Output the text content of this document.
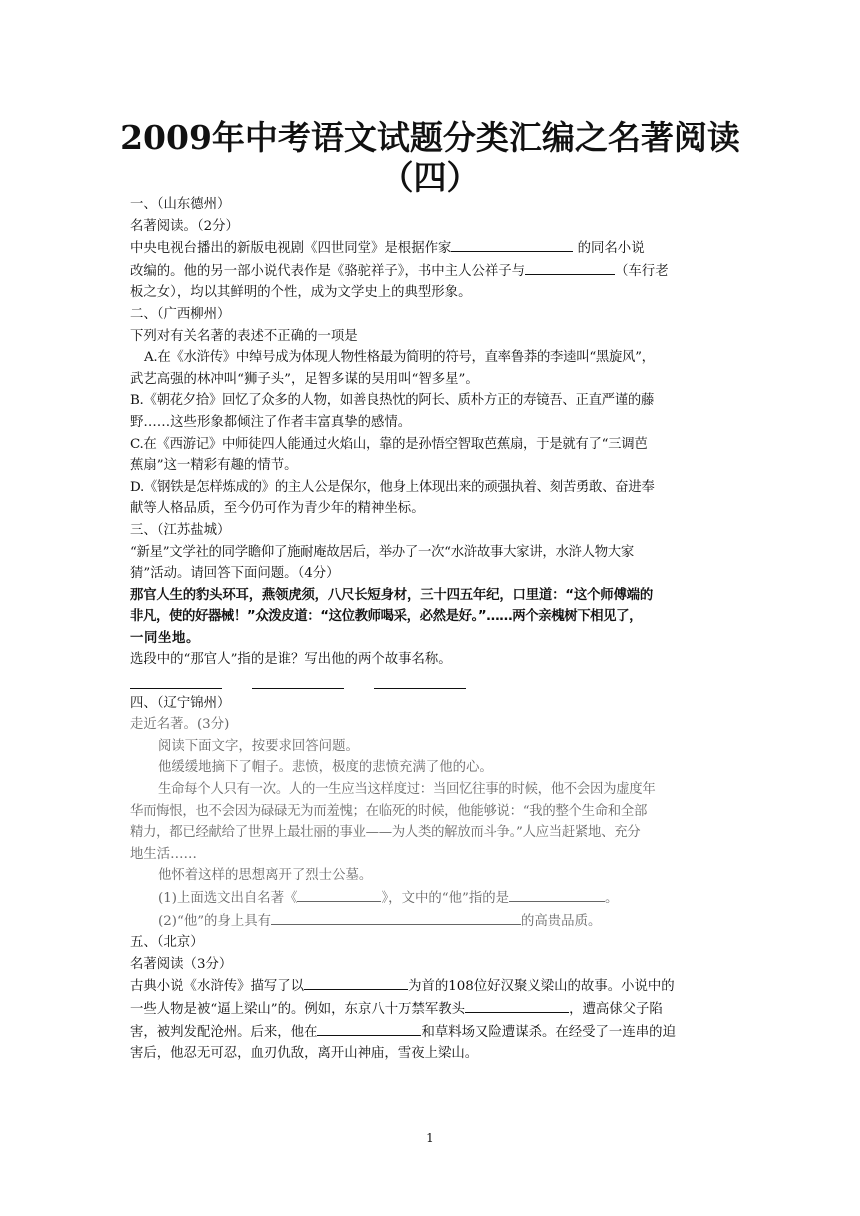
2009年中考语文试题分类汇编之名著阅读
（四）

一、（山东德州）

名著阅读。（2分）

中央电视台播出的新版电视剧《四世同堂》是根据作家	的同名小说

改编的。他的另一部小说代表作是《骆驼祥子》，书中主人公祥子与	（车行老

板之女），均以其鲜明的个性，成为文学史上的典型形象。

二、（广西柳州）

下列对有关名著的表述不正确的一项是

A.在《水浒传》中绰号成为体现人物性格最为简明的符号，直率鲁莽的李逵叫“黑旋风”，

武艺高强的林冲叫“狮子头”，足智多谋的吴用叫“智多星”。

B.《朝花夕拾》回忆了众多的人物，如善良热忱的阿长、质朴方正的寿镜吾、正直严谨的藤

野……这些形象都倾注了作者丰富真挚的感情。

C.在《西游记》中师徒四人能通过火焰山，靠的是孙悟空智取芭蕉扇，于是就有了“三调芭

蕉扇”这一精彩有趣的情节。

D.《钢铁是怎样炼成的》的主人公是保尔，他身上体现出来的顽强执着、刻苦勇敢、奋进奉

献等人格品质，至今仍可作为青少年的精神坐标。

三、（江苏盐城）

“新星”文学社的同学瞻仰了施耐庵故居后，举办了一次“水浒故事大家讲，水浒人物大家

猜”活动。请回答下面问题。（4分）

那官人生的豹头环耳，燕领虎须，八尺长短身材，三十四五年纪，口里道：“这个师傅端的

非凡，使的好器械！”众泼皮道：“这位教师喝采，必然是好。”……两个亲槐树下相见了，

一同坐地。

选段中的“那官人”指的是谁？写出他的两个故事名称。

四、（辽宁锦州）

走近名著。(3分)

阅读下面文字，按要求回答问题。

他缓缓地摘下了帽子。悲愤，极度的悲愤充满了他的心。

生命每个人只有一次。人的一生应当这样度过：当回忆往事的时候，他不会因为虚度年

华而悔恨，也不会因为碌碌无为而羞愧；在临死的时候，他能够说：“我的整个生命和全部

精力，都已经献给了世界上最壮丽的事业——为人类的解放而斗争。”人应当赶紧地、充分

地生活……

他怀着这样的思想离开了烈士公墓。

(1)上面选文出自名著《	》，文中的“他”指的是	。

(2)“他”的身上具有	的高贵品质。

五、（北京）

名著阅读（3分）

古典小说《水浒传》描写了以	为首的108位好汉聚义梁山的故事。小说中的

一些人物是被“逼上梁山”的。例如，东京八十万禁军教头	，遭高俅父子陷

害，被判发配沧州。后来，他在	和草料场又险遭谋杀。在经受了一连串的迫

害后，他忍无可忍，血刃仇敌，离开山神庙，雪夜上梁山。

1
